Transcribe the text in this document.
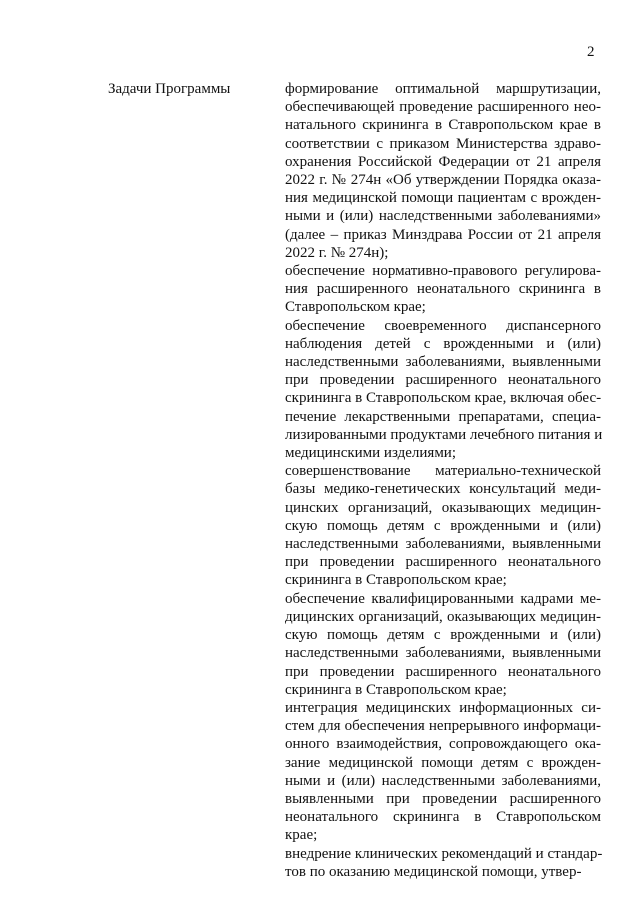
2
Задачи Программы	формирование оптимальной маршрутизации,
обеспечивающей проведение расширенного нео-
натального скрининга в Ставропольском крае в
соответствии с приказом Министерства здраво-
охранения Российской Федерации от 21 апреля
2022 г. № 274н «Об утверждении Порядка оказа-
ния медицинской помощи пациентам с врожден-
ными и (или) наследственными заболеваниями»
(далее – приказ Минздрава России от 21 апреля
2022 г. № 274н);
обеспечение нормативно-правового регулирова-
ния расширенного неонатального скрининга в
Ставропольском крае;
обеспечение своевременного диспансерного
наблюдения детей с врожденными и (или)
наследственными заболеваниями, выявленными
при проведении расширенного неонатального
скрининга в Ставропольском крае, включая обес-
печение лекарственными препаратами, специа-
лизированными продуктами лечебного питания и
медицинскими изделиями;
совершенствование материально-технической
базы медико-генетических консультаций меди-
цинских организаций, оказывающих медицин-
скую помощь детям с врожденными и (или)
наследственными заболеваниями, выявленными
при проведении расширенного неонатального
скрининга в Ставропольском крае;
обеспечение квалифицированными кадрами ме-
дицинских организаций, оказывающих медицин-
скую помощь детям с врожденными и (или)
наследственными заболеваниями, выявленными
при проведении расширенного неонатального
скрининга в Ставропольском крае;
интеграция медицинских информационных си-
стем для обеспечения непрерывного информаци-
онного взаимодействия, сопровождающего ока-
зание медицинской помощи детям с врожден-
ными и (или) наследственными заболеваниями,
выявленными при проведении расширенного
неонатального скрининга в Ставропольском
крае;
внедрение клинических рекомендаций и стандар-
тов по оказанию медицинской помощи, утвер-
